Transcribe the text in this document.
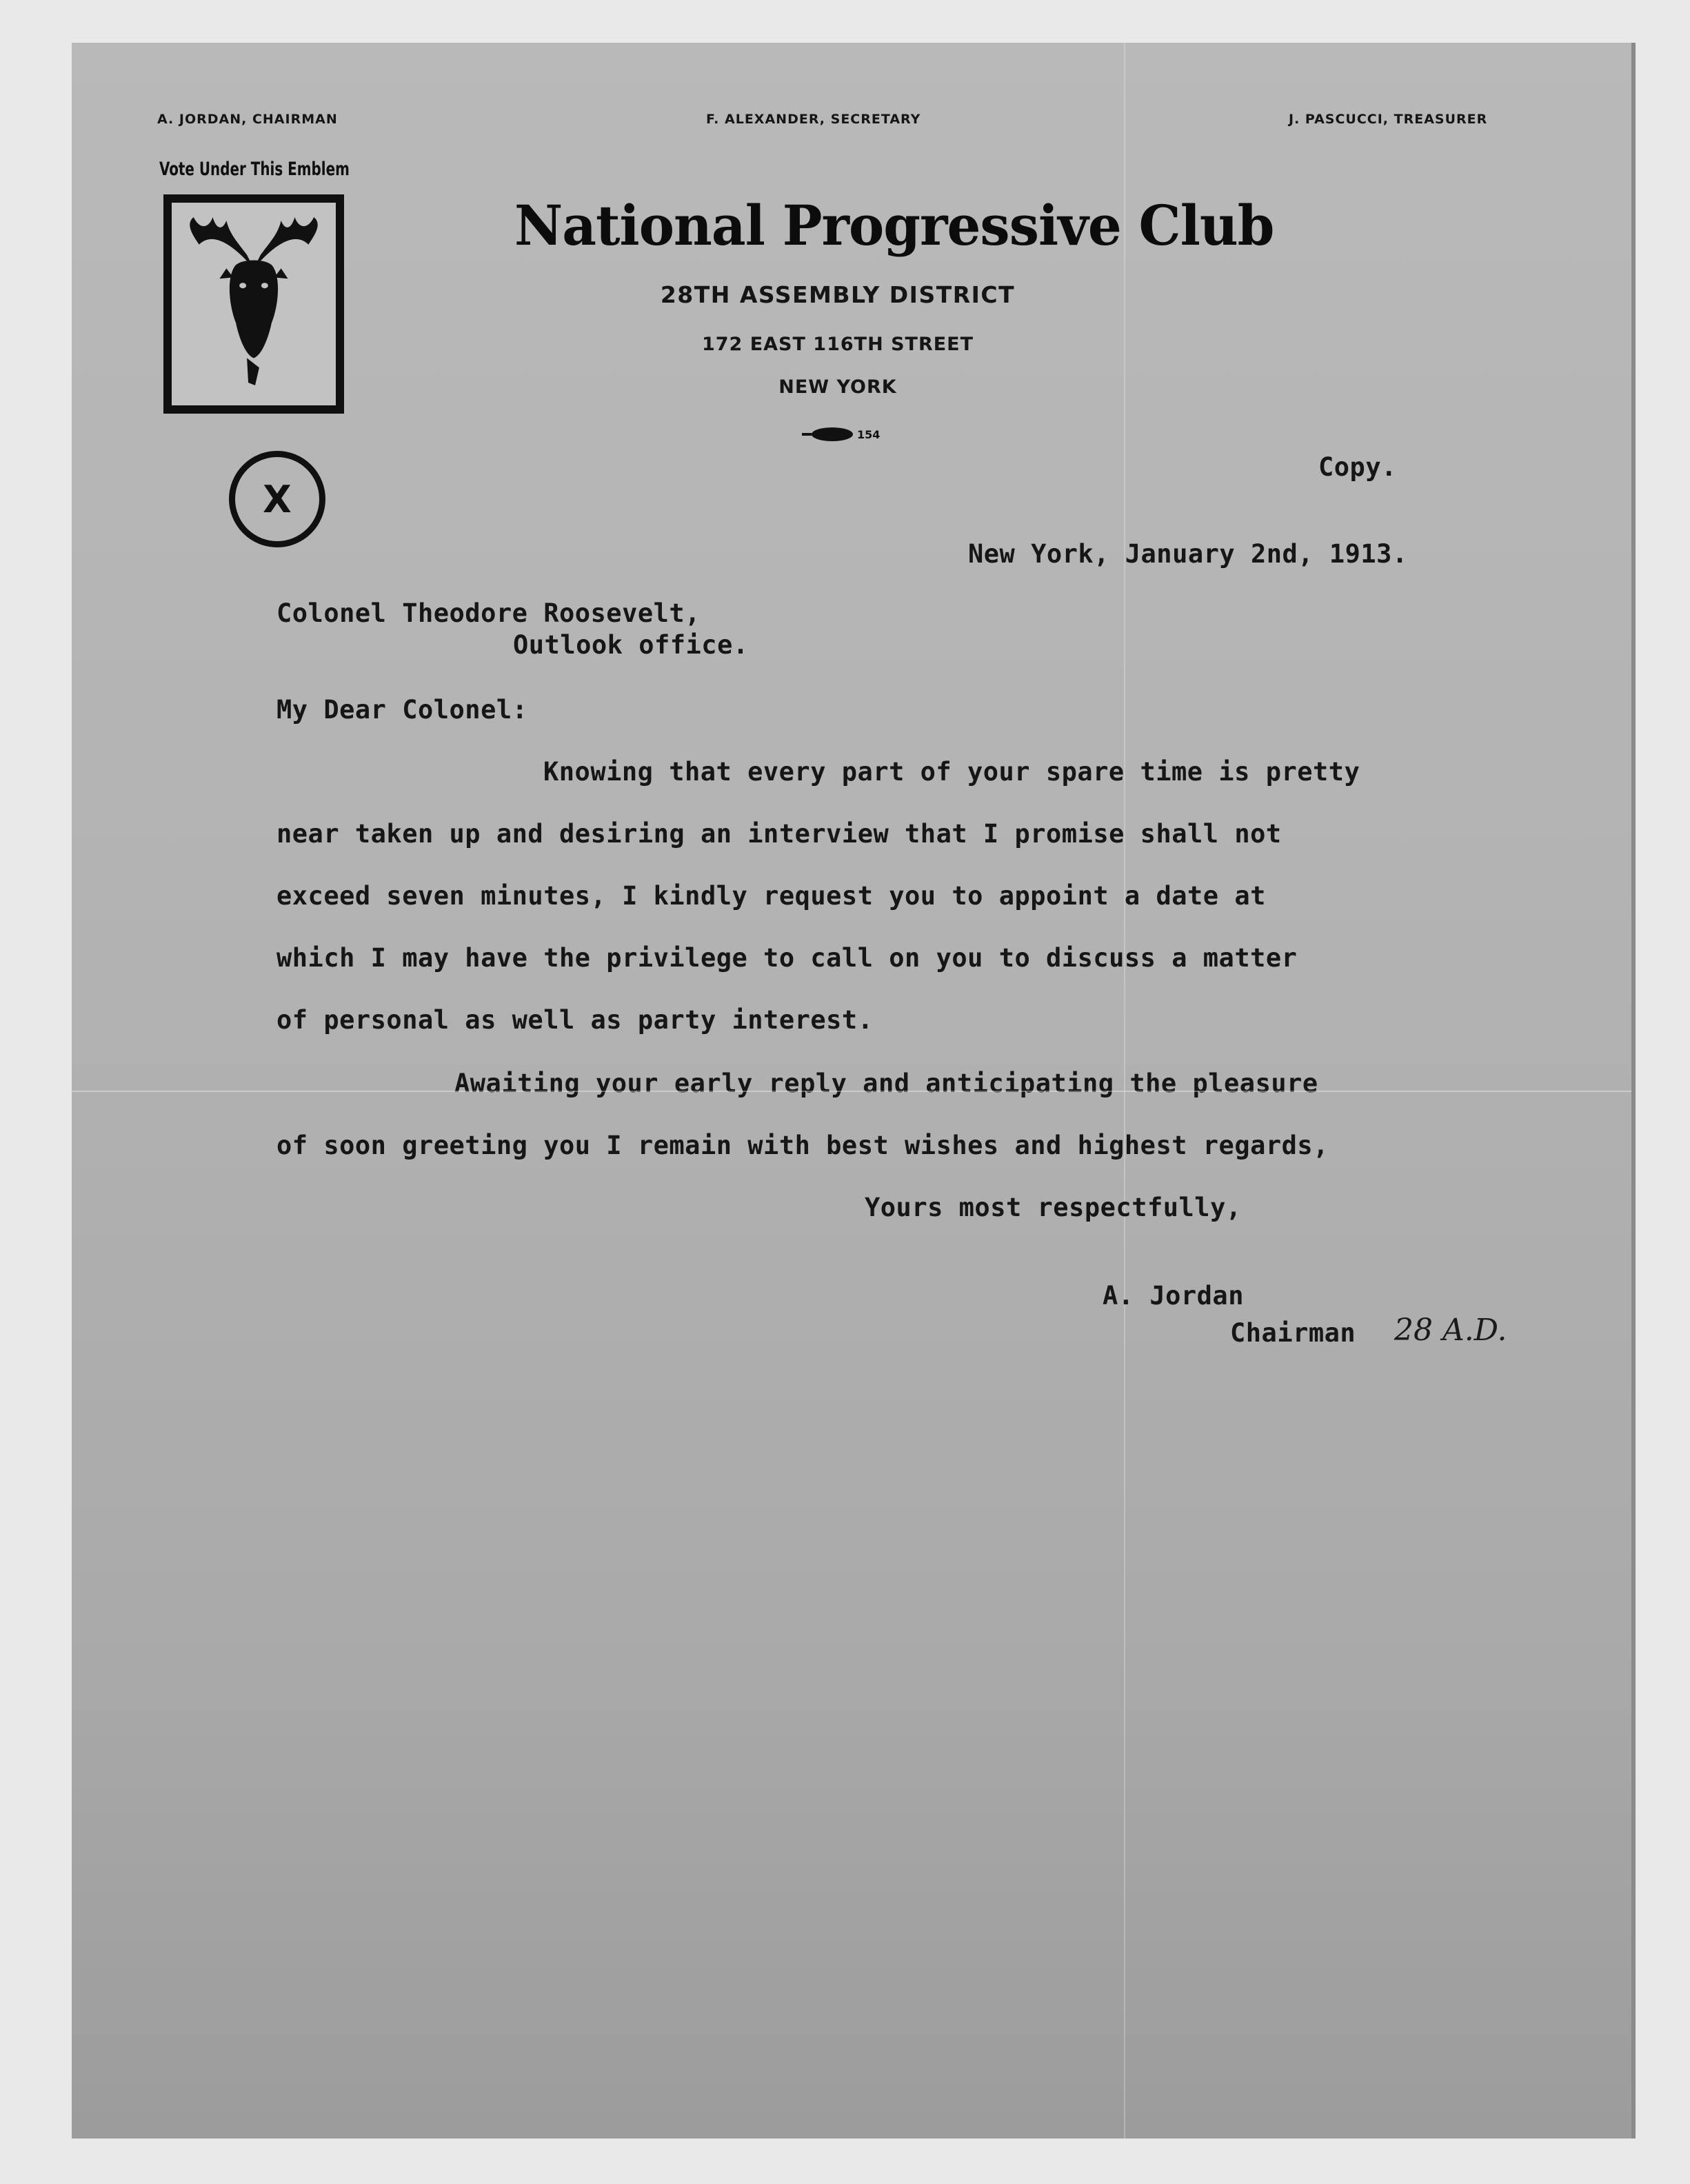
A. JORDAN, CHAIRMAN	F. ALEXANDER, SECRETARY	J. PASCUCCI, TREASURER

Vote Under This Emblem

X

National Progressive Club

28TH ASSEMBLY DISTRICT

172 EAST 116TH STREET

NEW YORK

154

Copy.

New York, January 2nd, 1913.

Colonel Theodore Roosevelt,

Outlook office.

My Dear Colonel:

Knowing that every part of your spare time is pretty

near taken up and desiring an interview that I promise shall not

exceed seven minutes, I kindly request you to appoint a date at

which I may have the privilege to call on you to discuss a matter

of personal as well as party interest.

Awaiting your early reply and anticipating the pleasure

of soon greeting you I remain with best wishes and highest regards,

Yours most respectfully,

A. Jordan

Chairman 28 A.D.
